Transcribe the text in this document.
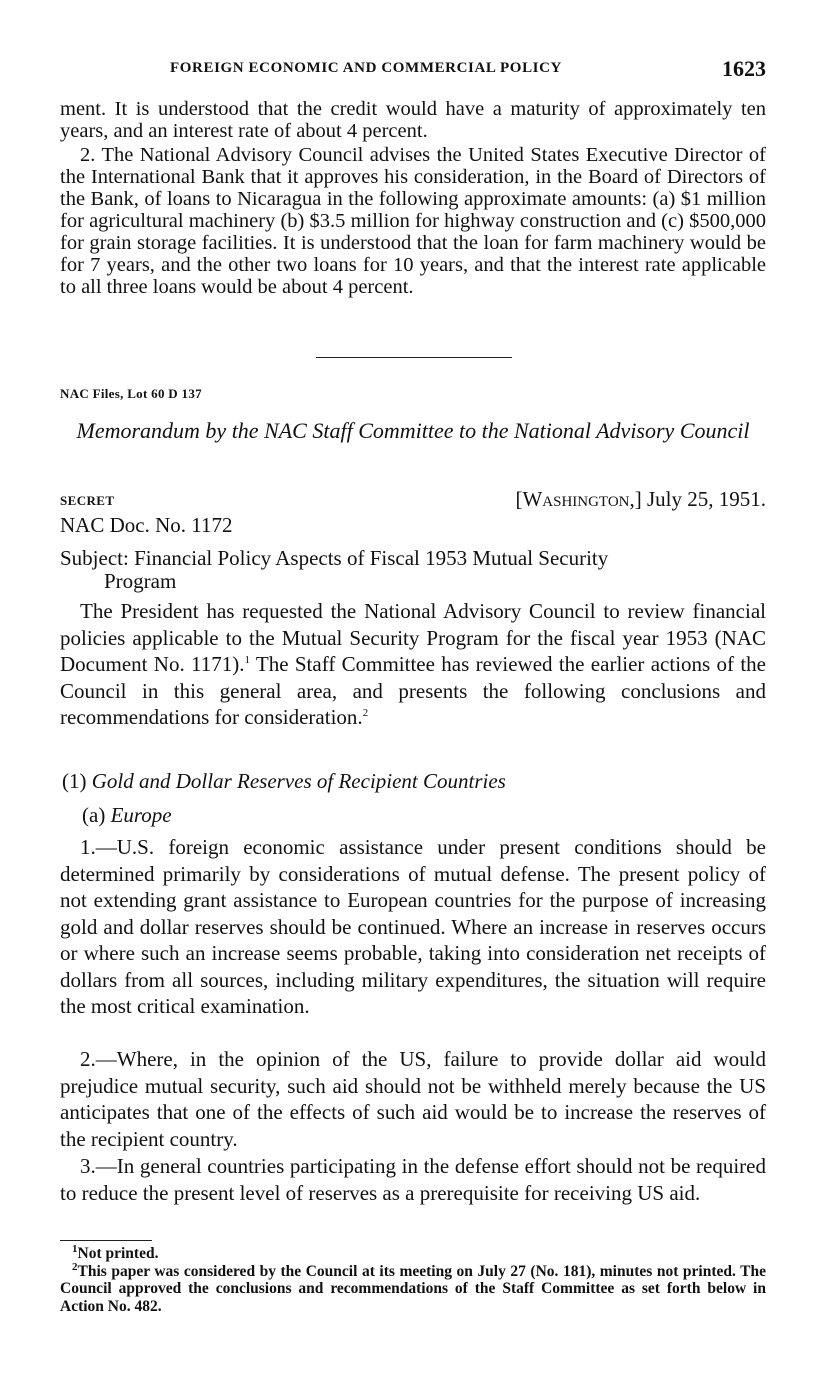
FOREIGN ECONOMIC AND COMMERCIAL POLICY	1623

ment. It is understood that the credit would have a maturity of approximately ten years, and an interest rate of about 4 percent.

2. The National Advisory Council advises the United States Executive Director of the International Bank that it approves his consideration, in the Board of Directors of the Bank, of loans to Nicaragua in the following approximate amounts: (a) $1 million for agricultural machinery (b) $3.5 million for highway construction and (c) $500,000 for grain storage facilities. It is understood that the loan for farm machinery would be for 7 years, and the other two loans for 10 years, and that the interest rate applicable to all three loans would be about 4 percent.

NAC Files, Lot 60 D 137
Memorandum by the NAC Staff Committee to the National Advisory Council
SECRET	[Washington,] July 25, 1951.
NAC Doc. No. 1172
Subject: Financial Policy Aspects of Fiscal 1953 Mutual Security
Program

The President has requested the National Advisory Council to review financial policies applicable to the Mutual Security Program for the fiscal year 1953 (NAC Document No. 1171).$^1$ The Staff Committee has reviewed the earlier actions of the Council in this general area, and presents the following conclusions and recommendations for consideration.$^2$

(1) Gold and Dollar Reserves of Recipient Countries
(a) Europe

1.—U.S. foreign economic assistance under present conditions should be determined primarily by considerations of mutual defense. The present policy of not extending grant assistance to European countries for the purpose of increasing gold and dollar reserves should be continued. Where an increase in reserves occurs or where such an increase seems probable, taking into consideration net receipts of dollars from all sources, including military expenditures, the situation will require the most critical examination.

2.—Where, in the opinion of the US, failure to provide dollar aid would prejudice mutual security, such aid should not be withheld merely because the US anticipates that one of the effects of such aid would be to increase the reserves of the recipient country.

3.—In general countries participating in the defense effort should not be required to reduce the present level of reserves as a prerequisite for receiving US aid.

$^1$Not printed.

$^2$This paper was considered by the Council at its meeting on July 27 (No. 181), minutes not printed. The Council approved the conclusions and recommendations of the Staff Committee as set forth below in Action No. 482.
